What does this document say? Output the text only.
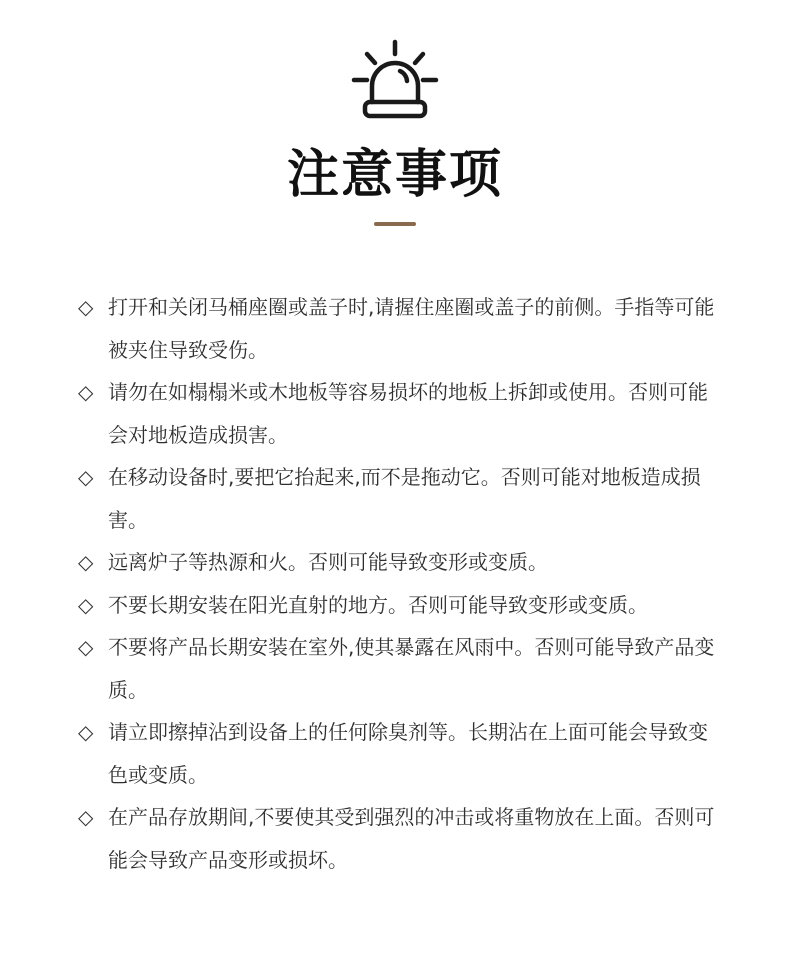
注意事项
◇ 打开和关闭马桶座圈或盖子时,请握住座圈或盖子的前侧。手指等可能被夹住导致受伤。
◇ 请勿在如榻榻米或木地板等容易损坏的地板上拆卸或使用。否则可能会对地板造成损害。
◇ 在移动设备时,要把它抬起来,而不是拖动它。否则可能对地板造成损害。
◇ 远离炉子等热源和火。否则可能导致变形或变质。
◇ 不要长期安装在阳光直射的地方。否则可能导致变形或变质。
◇ 不要将产品长期安装在室外,使其暴露在风雨中。否则可能导致产品变质。
◇ 请立即擦掉沾到设备上的任何除臭剂等。长期沾在上面可能会导致变色或变质。
◇ 在产品存放期间,不要使其受到强烈的冲击或将重物放在上面。否则可能会导致产品变形或损坏。
